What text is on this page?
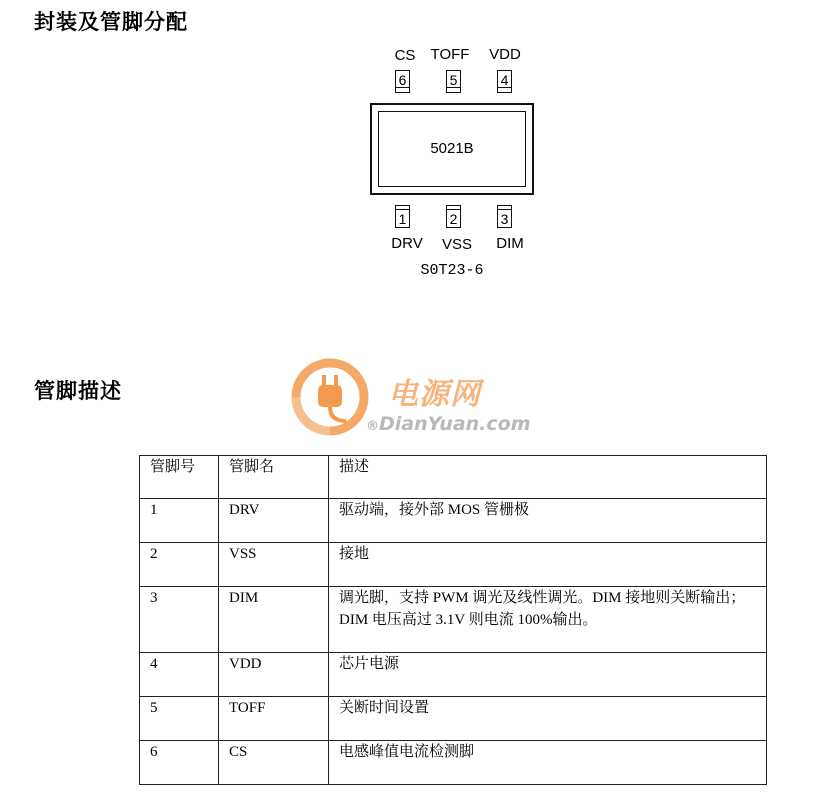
封装及管脚分配
CS	TOFF	VDD
6	5	4
5021B
1	2	3
DRV	VSS	DIM
S0T23-6
管脚描述	电源网
®DianYuan.com
管脚号	管脚名	描述
1	DRV	驱动端，接外部 MOS 管栅极
2	VSS	接地
3	DIM	调光脚，支持 PWM 调光及线性调光。DIM 接地则关断输出；DIM 电压高过 3.1V 则电流 100%输出。
4	VDD	芯片电源
5	TOFF	关断时间设置
6	CS	电感峰值电流检测脚
